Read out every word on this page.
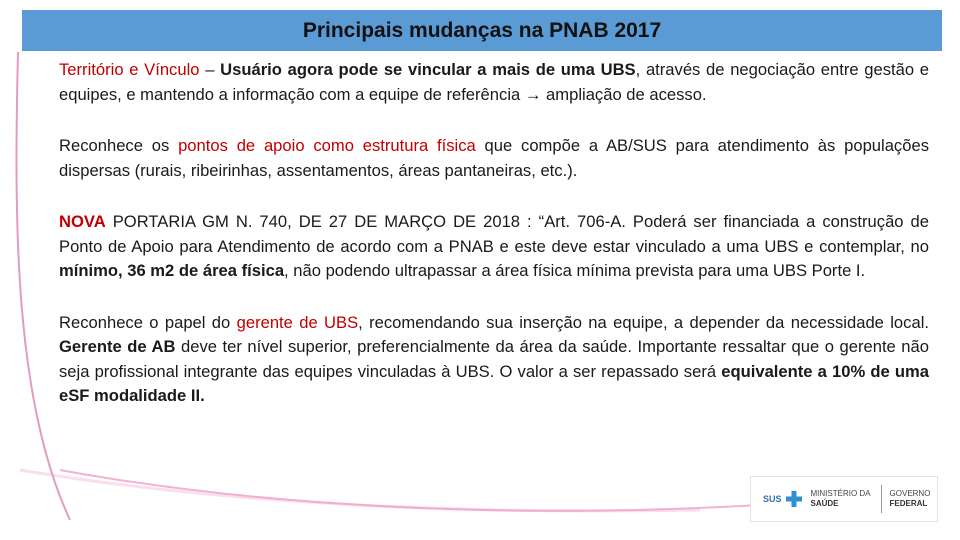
Principais mudanças na PNAB 2017

Território e Vínculo – Usuário agora pode se vincular a mais de uma UBS, através de negociação entre gestão e equipes, e mantendo a informação com a equipe de referência → ampliação de acesso.

Reconhece os pontos de apoio como estrutura física que compõe a AB/SUS para atendimento às populações dispersas (rurais, ribeirinhas, assentamentos, áreas pantaneiras, etc.).

NOVA PORTARIA GM N. 740, DE 27 DE MARÇO DE 2018 : “Art. 706-A. Poderá ser financiada a construção de Ponto de Apoio para Atendimento de acordo com a PNAB e este deve estar vinculado a uma UBS e contemplar, no mínimo, 36 m2 de área física, não podendo ultrapassar a área física mínima prevista para uma UBS Porte I.

Reconhece o papel do gerente de UBS, recomendando sua inserção na equipe, a depender da necessidade local. Gerente de AB deve ter nível superior, preferencialmente da área da saúde. Importante ressaltar que o gerente não seja profissional integrante das equipes vinculadas à UBS. O valor a ser repassado será equivalente a 10% de uma eSF modalidade II.

SUS
MINISTÉRIO DA
SAÚDE
GOVERNO
FEDERAL
